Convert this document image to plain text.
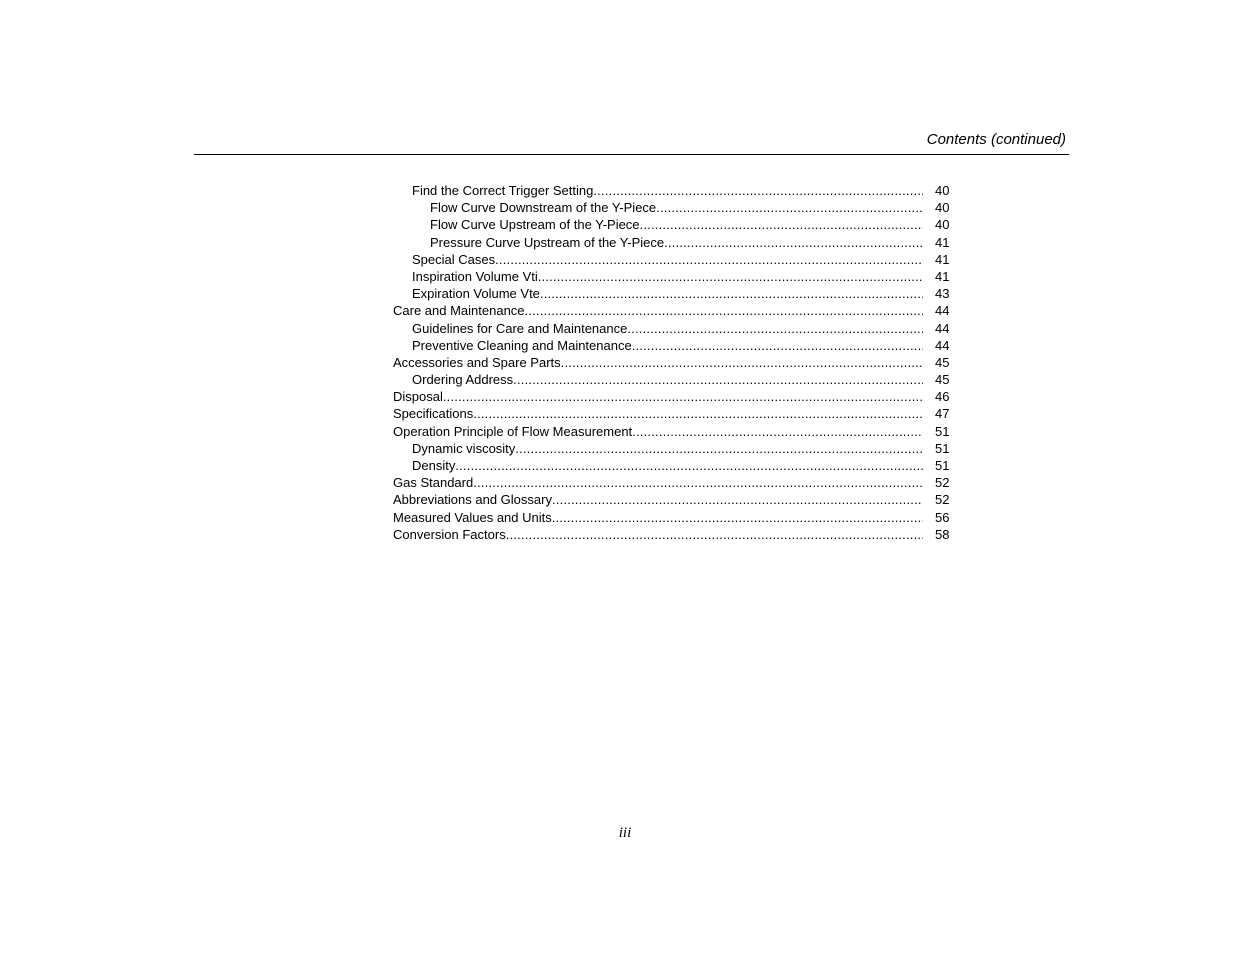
Contents (continued)
Find the Correct Trigger Setting .....	40
Flow Curve Downstream of the Y-Piece .....	40
Flow Curve Upstream of the Y-Piece .....	40
Pressure Curve Upstream of the Y-Piece .....	41
Special Cases .....	41
Inspiration Volume Vti .....	41
Expiration Volume Vte .....	43
Care and Maintenance .....	44
Guidelines for Care and Maintenance .....	44
Preventive Cleaning and Maintenance .....	44
Accessories and Spare Parts .....	45
Ordering Address .....	45
Disposal .....	46
Specifications .....	47
Operation Principle of Flow Measurement .....	51
Dynamic viscosity .....	51
Density .....	51
Gas Standard .....	52
Abbreviations and Glossary .....	52
Measured Values and Units .....	56
Conversion Factors .....	58
iii
